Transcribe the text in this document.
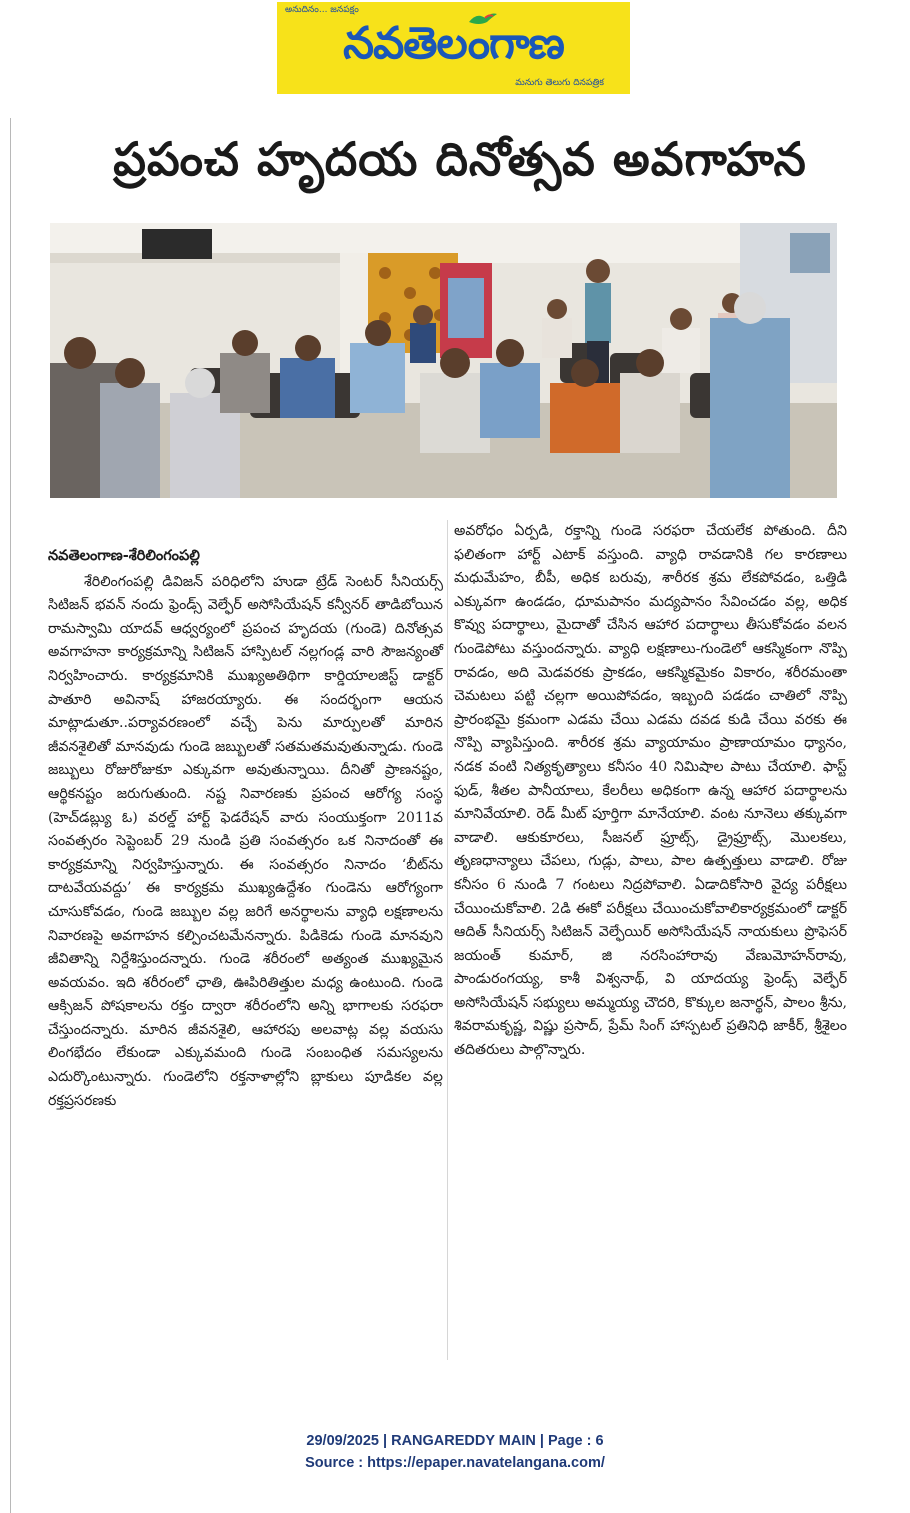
అనుదినం... జనపక్షం
నవతెలంగాణ
మనుగు తెలుగు దినపత్రిక
ప్రపంచ హృదయ దినోత్సవ అవగాహన
నవతెలంగాణ-శేరిలింగంపల్లి

శేరిలింగంపల్లి డివిజన్ పరిధిలోని హుడా ట్రేడ్ సెంటర్ సీనియర్స్ సిటిజన్ భవన్ నందు ఫ్రెండ్స్ వెల్ఫేర్ అసోసియేషన్ కన్వీనర్ తాడిబోయిన రామస్వామి యాదవ్ ఆధ్వర్యంలో ప్రపంచ హృదయ (గుండె) దినోత్సవ అవగాహనా కార్యక్రమాన్ని సిటిజన్ హాస్పిటల్ నల్లగండ్ల వారి సౌజన్యంతో నిర్వహించారు. కార్యక్రమానికి ముఖ్యఅతిథిగా కార్డియాలజిస్ట్ డాక్టర్ పాతూరి అవినాష్ హాజరయ్యారు. ఈ సందర్భంగా ఆయన మాట్లాడుతూ..పర్యావరణంలో వచ్చే పెను మార్పులతో మారిన జీవనశైలితో మానవుడు గుండె జబ్బులతో సతమతమవుతున్నాడు. గుండె జబ్బులు రోజురోజుకూ ఎక్కువగా అవుతున్నాయి. దీనితో ప్రాణనష్టం, ఆర్థికనష్టం జరుగుతుంది. నష్ట నివారణకు ప్రపంచ ఆరోగ్య సంస్థ (హెచ్‌డబ్ల్యు ఓ) వరల్డ్ హార్ట్ ఫెడరేషన్ వారు సంయుక్తంగా 2011వ సంవత్సరం సెప్టెంబర్ 29 నుండి ప్రతి సంవత్సరం ఒక నినాదంతో ఈ కార్యక్రమాన్ని నిర్వహిస్తున్నారు. ఈ సంవత్సరం నినాదం ‘బీట్‌ను దాటవేయవద్దు’ ఈ కార్యక్రమ ముఖ్యఉద్దేశం గుండెను ఆరోగ్యంగా చూసుకోవడం, గుండె జబ్బుల వల్ల జరిగే అనర్థాలను వ్యాధి లక్షణాలను నివారణపై అవగాహన కల్పించటమేనన్నారు. పిడికెడు గుండె మానవుని జీవితాన్ని నిర్దేశిస్తుందన్నారు. గుండె శరీరంలో అత్యంత ముఖ్యమైన అవయవం. ఇది శరీరంలో ఛాతి, ఊపిరితిత్తుల మధ్య ఉంటుంది. గుండె ఆక్సిజన్ పోషకాలను రక్తం ద్వారా శరీరంలోని అన్ని భాగాలకు సరఫరా చేస్తుందన్నారు. మారిన జీవనశైలి, ఆహారపు అలవాట్ల వల్ల వయసు లింగభేదం లేకుండా ఎక్కువమంది గుండె సంబంధిత సమస్యలను ఎదుర్కొంటున్నారు. గుండెలోని రక్తనాళాల్లోని బ్లాకులు పూడికల వల్ల రక్తప్రసరణకు

అవరోధం ఏర్పడి, రక్తాన్ని గుండె సరఫరా చేయలేక పోతుంది. దీని ఫలితంగా హార్ట్ ఎటాక్ వస్తుంది. వ్యాధి రావడానికి గల కారణాలు మధుమేహం, బీపీ, అధిక బరువు, శారీరక శ్రమ లేకపోవడం, ఒత్తిడి ఎక్కువగా ఉండడం, ధూమపానం మద్యపానం సేవించడం వల్ల, అధిక కొవ్వు పదార్థాలు, మైదాతో చేసిన ఆహార పదార్థాలు తీసుకోవడం వలన గుండెపోటు వస్తుందన్నారు. వ్యాధి లక్షణాలు-గుండెలో ఆకస్మికంగా నొప్పి రావడం, అది మెడవరకు ప్రాకడం, ఆకస్మికమైకం వికారం, శరీరమంతా చెమటలు పట్టి చల్లగా అయిపోవడం, ఇబ్బంది పడడం చాతిలో నొప్పి ప్రారంభమై క్రమంగా ఎడమ చేయి ఎడమ దవడ కుడి చేయి వరకు ఈ నొప్పి వ్యాపిస్తుంది. శారీరక శ్రమ వ్యాయామం ప్రాణాయామం ధ్యానం, నడక వంటి నిత్యకృత్యాలు కనీసం 40 నిమిషాల పాటు చేయాలి. ఫాస్ట్ ఫుడ్, శీతల పానీయాలు, కేలరీలు అధికంగా ఉన్న ఆహార పదార్థాలను మానివేయాలి. రెడ్ మీట్ పూర్తిగా మానేయాలి. వంట నూనెలు తక్కువగా వాడాలి. ఆకుకూరలు, సీజనల్ ఫ్రూట్స్, డ్రైఫ్రూట్స్, మొలకలు, తృణధాన్యాలు చేపలు, గుడ్లు, పాలు, పాల ఉత్పత్తులు వాడాలి. రోజు కనీసం 6 నుండి 7 గంటలు నిద్రపోవాలి. ఏడాదికోసారి వైద్య పరీక్షలు చేయించుకోవాలి. 2డి ఈకో పరీక్షలు చేయించుకోవాలికార్యక్రమంలో డాక్టర్ ఆదిత్ సీనియర్స్ సిటిజన్ వెల్ఫేయిర్ అసోసియేషన్ నాయకులు ప్రొఫెసర్ జయంత్ కుమార్, జి నరసింహారావు వేణుమోహన్‌రావు, పాండురంగయ్య, కాశీ విశ్వనాథ్, వి యాదయ్య ఫ్రెండ్స్ వెల్ఫేర్ అసోసియేషన్ సభ్యులు అమ్మయ్య చౌదరి, కొక్కుల జనార్థన్, పాలం శ్రీను, శివరామకృష్ణ, విష్ణు ప్రసాద్, ప్రేమ్ సింగ్ హాస్పటల్ ప్రతినిధి జాకీర్, శ్రీశైలం తదితరులు పాల్గొన్నారు.

29/09/2025 | RANGAREDDY MAIN | Page : 6
Source : https://epaper.navatelangana.com/
